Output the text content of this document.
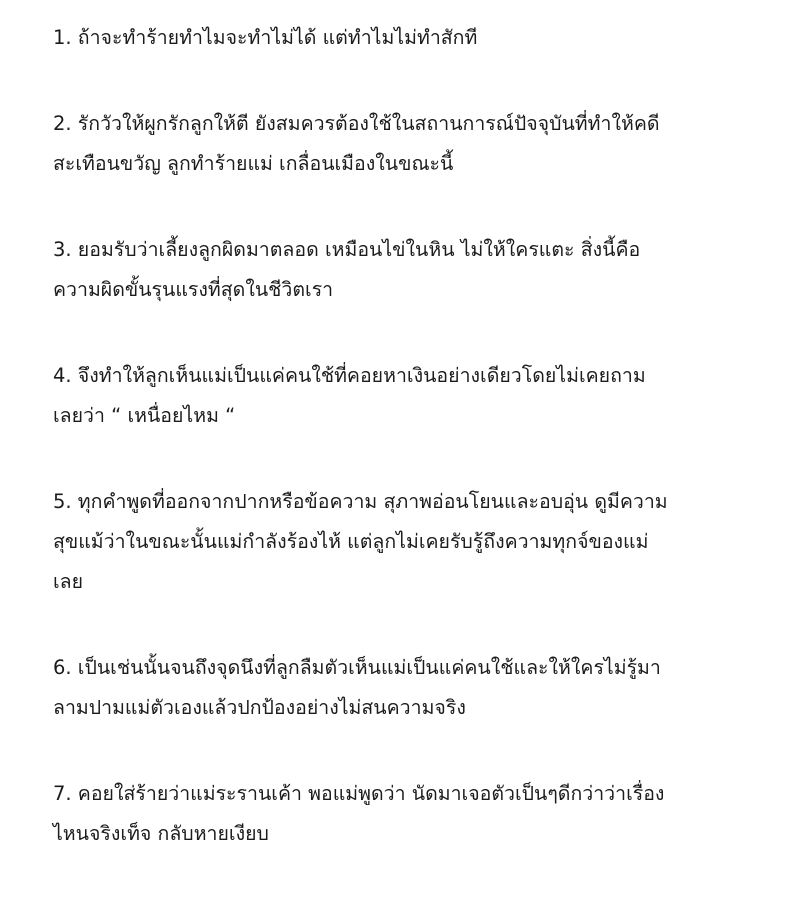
1. ถ้าจะทำร้ายทำไมจะทำไม่ได้ แต่ทำไมไม่ทำสักที

2. รักวัวให้ผูกรักลูกให้ตี ยังสมควรต้องใช้ในสถานการณ์ปัจจุบันที่ทำให้คดี
สะเทือนขวัญ ลูกทำร้ายแม่ เกลื่อนเมืองในขณะนี้

3. ยอมรับว่าเลี้ยงลูกผิดมาตลอด เหมือนไข่ในหิน ไม่ให้ใครแตะ สิ่งนี้คือ
ความผิดขั้นรุนแรงที่สุดในชีวิตเรา

4. จึงทำให้ลูกเห็นแม่เป็นแค่คนใช้ที่คอยหาเงินอย่างเดียวโดยไม่เคยถาม
เลยว่า “ เหนื่อยไหม “

5. ทุกคำพูดที่ออกจากปากหรือข้อความ สุภาพอ่อนโยนและอบอุ่น ดูมีความ
สุขแม้ว่าในขณะนั้นแม่กำลังร้องไห้ แต่ลูกไม่เคยรับรู้ถึงความทุกจ์ของแม่
เลย

6. เป็นเช่นนั้นจนถึงจุดนึงที่ลูกลืมตัวเห็นแม่เป็นแค่คนใช้และให้ใครไม่รู้มา
ลามปามแม่ตัวเองแล้วปกป้องอย่างไม่สนความจริง

7. คอยใส่ร้ายว่าแม่ระรานเค้า พอแม่พูดว่า นัดมาเจอตัวเป็นๆดีกว่าว่าเรื่อง
ไหนจริงเท็จ กลับหายเงียบ
